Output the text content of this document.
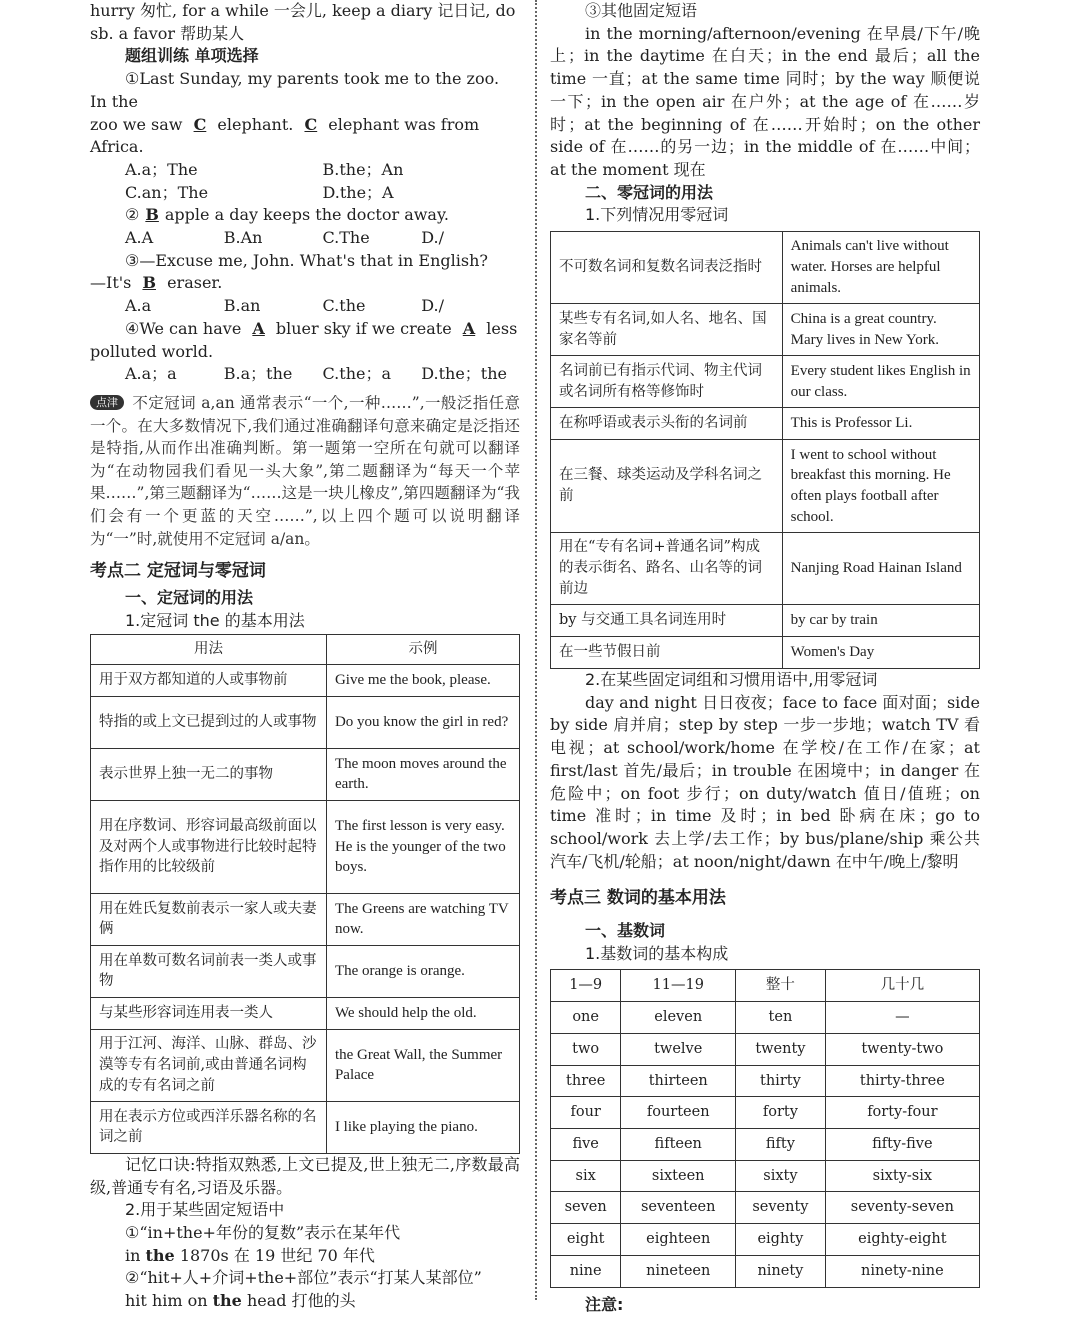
hurry 匆忙, for a while 一会儿, keep a diary 记日记, do

sb. a favor 帮助某人

题组训练 单项选择

①Last Sunday, my parents took me to the zoo. In the

zoo we saw C elephant. C elephant was from Africa.

A.a；The	B.the；An
C.an；The	D.the；A

② B apple a day keeps the doctor away.

A.A	B.An	C.The	D./

③—Excuse me, John. What's that in English?

—It's B eraser.

A.a	B.an	C.the	D./

④We can have A bluer sky if we create A less

polluted world.

A.a；a	B.a；the	C.the；a	D.the；the

点津 不定冠词 a,an 通常表示“一个,一种……”,一般泛指任意一个。在大多数情况下,我们通过准确翻译句意来确定是泛指还是特指,从而作出准确判断。第一题第一空所在句就可以翻译为“在动物园我们看见一头大象”,第二题翻译为“每天一个苹果……”,第三题翻译为“……这是一块儿橡皮”,第四题翻译为“我们会有一个更蓝的天空……”,以上四个题可以说明翻译为“一”时,就使用不定冠词 a/an。

考点二 定冠词与零冠词

一、定冠词的用法

1.定冠词 the 的基本用法

用法	示例
用于双方都知道的人或事物前	Give me the book, please.
特指的或上文已提到过的人或事物	Do you know the girl in red?
表示世界上独一无二的事物	The moon moves around the earth.
用在序数词、形容词最高级前面以及对两个人或事物进行比较时起特指作用的比较级前	The first lesson is very easy. He is the younger of the two boys.
用在姓氏复数前表示一家人或夫妻俩	The Greens are watching TV now.
用在单数可数名词前表一类人或事物	The orange is orange.
与某些形容词连用表一类人	We should help the old.
用于江河、海洋、山脉、群岛、沙漠等专有名词前,或由普通名词构成的专有名词之前	the Great Wall, the Summer Palace
用在表示方位或西洋乐器名称的名词之前	I like playing the piano.

记忆口诀:特指双熟悉,上文已提及,世上独无二,序数最高级,普通专有名,习语及乐器。

2.用于某些固定短语中

①“in+the+年份的复数”表示在某年代

in the 1870s 在 19 世纪 70 年代

②“hit+人+介词+the+部位”表示“打某人某部位”

hit him on the head 打他的头

③其他固定短语

in the morning/afternoon/evening 在早晨/下午/晚上；in the daytime 在白天；in the end 最后；all the time 一直；at the same time 同时；by the way 顺便说一下；in the open air 在户外；at the age of 在……岁时；at the beginning of 在……开始时；on the other side of 在……的另一边；in the middle of 在……中间；at the moment 现在

二、零冠词的用法

1.下列情况用零冠词

不可数名词和复数名词表泛指时	Animals can't live without water. Horses are helpful animals.
某些专有名词,如人名、地名、国家名等前	China is a great country. Mary lives in New York.
名词前已有指示代词、物主代词或名词所有格等修饰时	Every student likes English in our class.
在称呼语或表示头衔的名词前	This is Professor Li.
在三餐、球类运动及学科名词之前	I went to school without breakfast this morning. He often plays football after school.
用在“专有名词+普通名词”构成的表示街名、路名、山名等的词前边	Nanjing Road Hainan Island
by 与交通工具名词连用时	by car by train
在一些节假日前	Women's Day

2.在某些固定词组和习惯用语中,用零冠词

day and night 日日夜夜；face to face 面对面；side by side 肩并肩；step by step 一步一步地；watch TV 看电视；at school/work/home 在学校/在工作/在家；at first/last 首先/最后；in trouble 在困境中；in danger 在危险中；on foot 步行；on duty/watch 值日/值班；on time 准时；in time 及时；in bed 卧病在床；go to school/work 去上学/去工作；by bus/plane/ship 乘公共汽车/飞机/轮船；at noon/night/dawn 在中午/晚上/黎明

考点三 数词的基本用法

一、基数词

1.基数词的基本构成

1—9	11—19	整十	几十几
one	eleven	ten	—
two	twelve	twenty	twenty-two
three	thirteen	thirty	thirty-three
four	fourteen	forty	forty-four
five	fifteen	fifty	fifty-five
six	sixteen	sixty	sixty-six
seven	seventeen	seventy	seventy-seven
eight	eighteen	eighty	eighty-eight
nine	nineteen	ninety	ninety-nine

注意:
